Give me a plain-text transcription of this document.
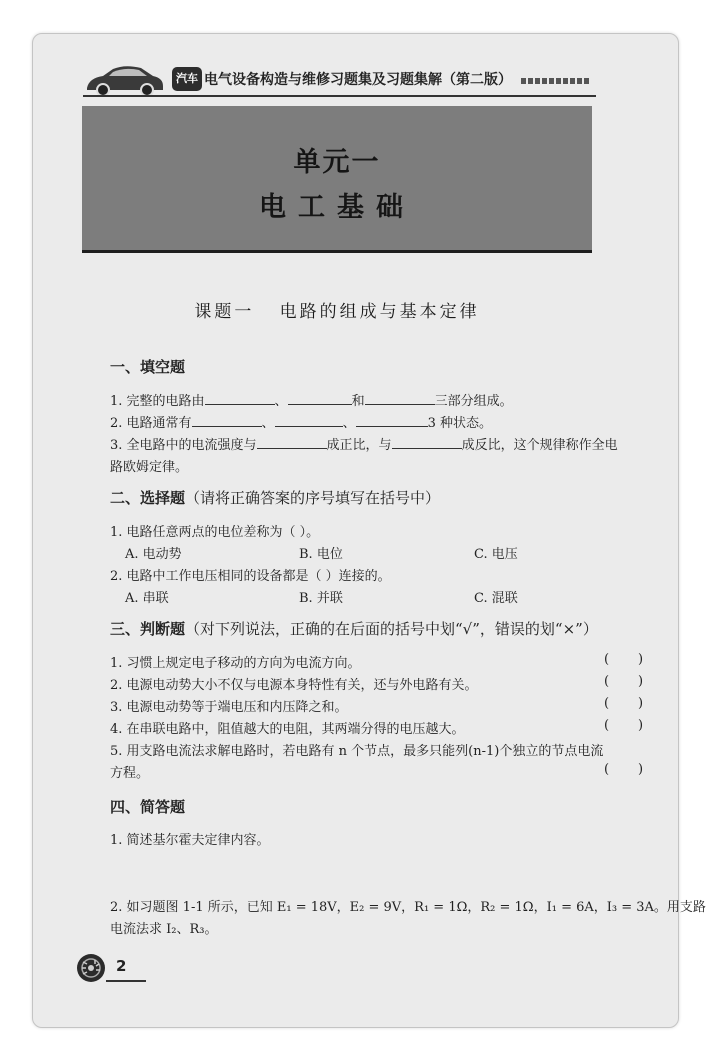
汽车 电气设备构造与维修习题集及习题集解（第二版）
单元一
电工基础
课题一   电路的组成与基本定律
一、填空题
1. 完整的电路由	、	和	三部分组成。
2. 电路通常有	、	、	3 种状态。
3. 全电路中的电流强度与	成正比，与	成反比，这个规律称作全电
路欧姆定律。
二、选择题（请将正确答案的序号填写在括号中）
1. 电路任意两点的电位差称为（ ）。
A. 电动势	B. 电位	C. 电压
2. 电路中工作电压相同的设备都是（ ）连接的。
A. 串联	B. 并联	C. 混联
三、判断题（对下列说法，正确的在后面的括号中划“√”，错误的划“×”）
1. 习惯上规定电子移动的方向为电流方向。	(       )
2. 电源电动势大小不仅与电源本身特性有关，还与外电路有关。	(       )
3. 电源电动势等于端电压和内压降之和。	(       )
4. 在串联电路中，阻值越大的电阻，其两端分得的电压越大。	(       )
5. 用支路电流法求解电路时，若电路有 n 个节点，最多只能列(n-1)个独立的节点电流
方程。	(       )
四、简答题
1. 简述基尔霍夫定律内容。
2. 如习题图 1-1 所示，已知 E₁ = 18V，E₂ = 9V，R₁ = 1Ω，R₂ = 1Ω，I₁ = 6A，I₃ = 3A。用支路
电流法求 I₂、R₃。
2
